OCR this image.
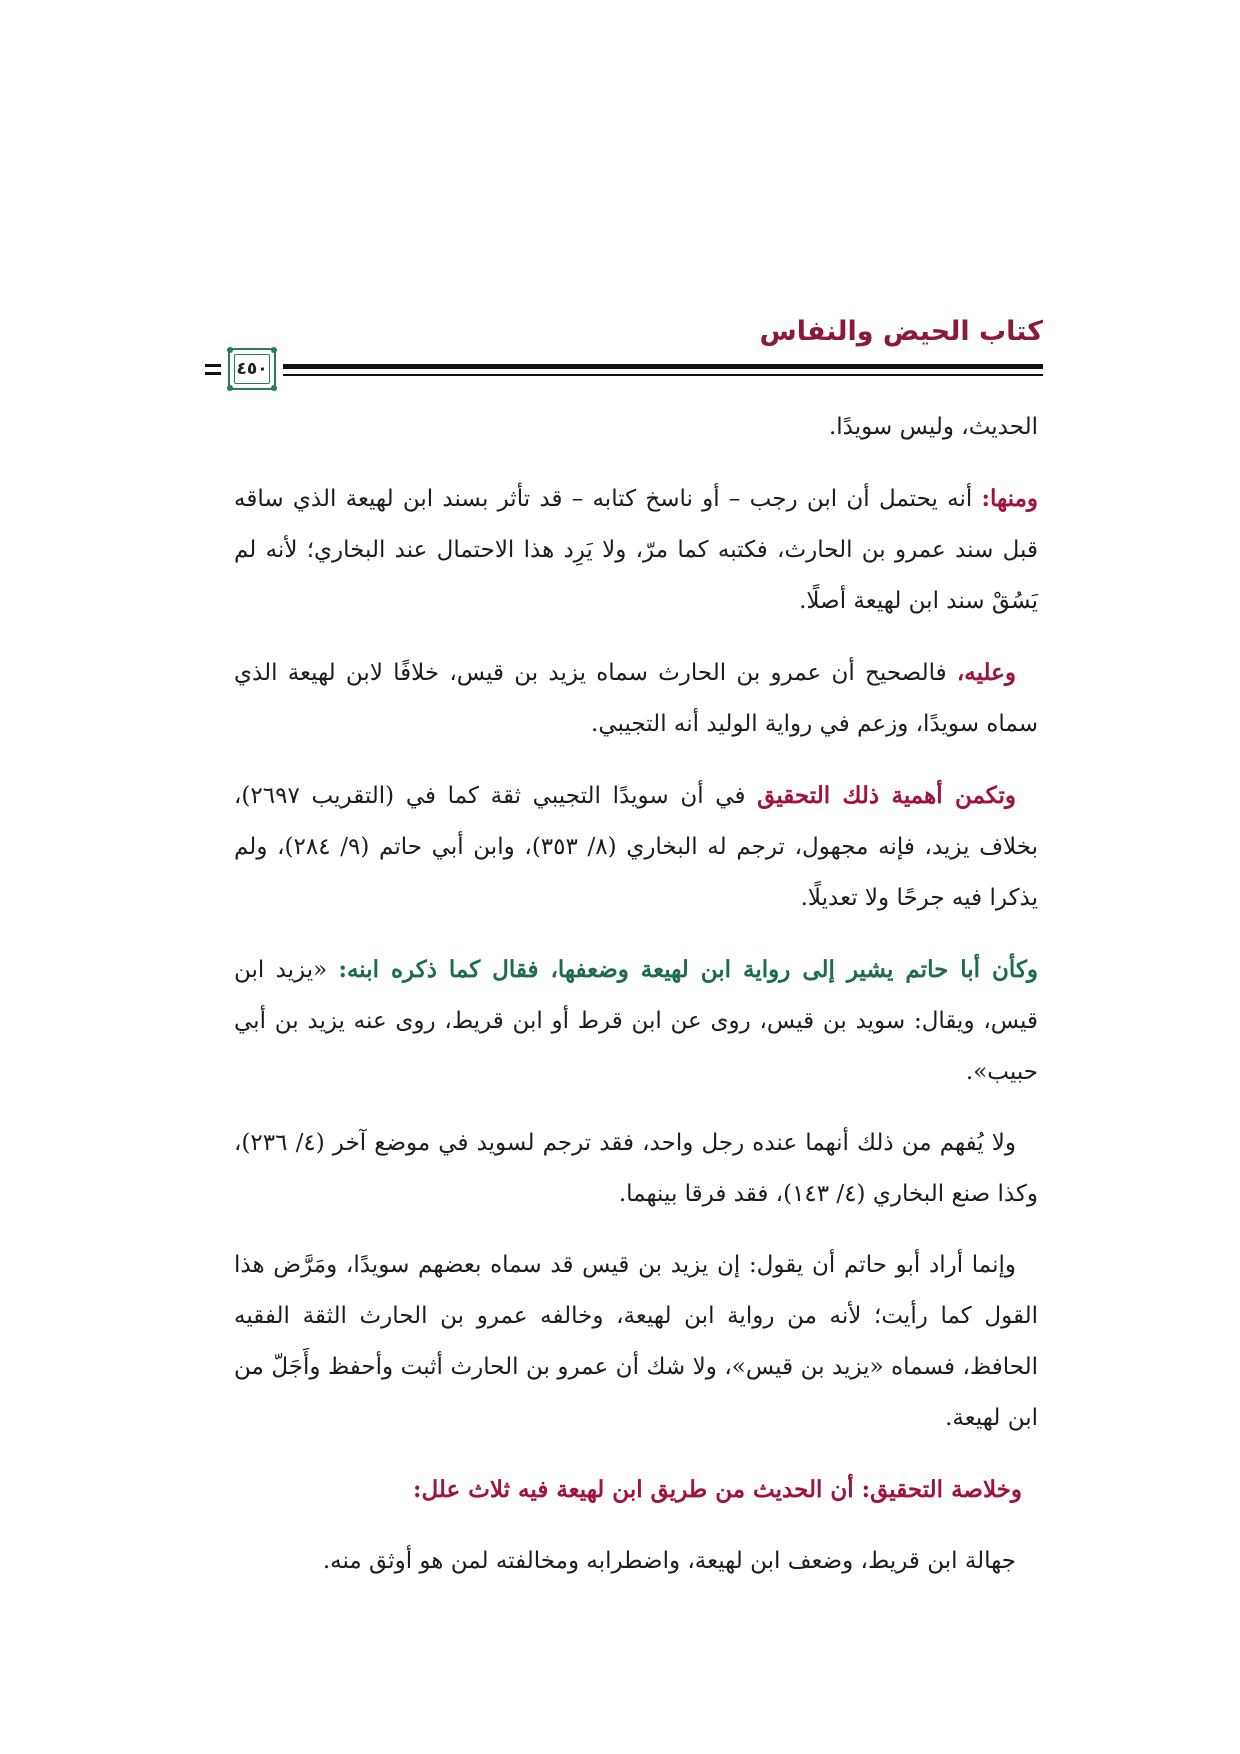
كتاب الحيض والنفاس
٤٥٠

الحديث، وليس سويدًا.

ومنها: أنه يحتمل أن ابن رجب – أو ناسخ كتابه – قد تأثر بسند ابن لهيعة الذي ساقه قبل سند عمرو بن الحارث، فكتبه كما مرّ، ولا يَرِد هذا الاحتمال عند البخاري؛ لأنه لم يَسُقْ سند ابن لهيعة أصلًا.

وعليه، فالصحيح أن عمرو بن الحارث سماه يزيد بن قيس، خلافًا لابن لهيعة الذي سماه سويدًا، وزعم في رواية الوليد أنه التجيبي.

وتكمن أهمية ذلك التحقيق في أن سويدًا التجيبي ثقة كما في (التقريب ٢٦٩٧)، بخلاف يزيد، فإنه مجهول، ترجم له البخاري (٨/ ٣٥٣)، وابن أبي حاتم (٩/ ٢٨٤)، ولم يذكرا فيه جرحًا ولا تعديلًا.

وكأن أبا حاتم يشير إلى رواية ابن لهيعة وضعفها، فقال كما ذكره ابنه: «يزيد ابن قيس، ويقال: سويد بن قيس، روى عن ابن قرط أو ابن قريط، روى عنه يزيد بن أبي حبيب».

ولا يُفهم من ذلك أنهما عنده رجل واحد، فقد ترجم لسويد في موضع آخر (٤/ ٢٣٦)، وكذا صنع البخاري (٤/ ١٤٣)، فقد فرقا بينهما.

وإنما أراد أبو حاتم أن يقول: إن يزيد بن قيس قد سماه بعضهم سويدًا، ومَرَّض هذا القول كما رأيت؛ لأنه من رواية ابن لهيعة، وخالفه عمرو بن الحارث الثقة الفقيه الحافظ، فسماه «يزيد بن قيس»، ولا شك أن عمرو بن الحارث أثبت وأحفظ وأَجَلّ من ابن لهيعة.

وخلاصة التحقيق: أن الحديث من طريق ابن لهيعة فيه ثلاث علل:

جهالة ابن قريط، وضعف ابن لهيعة، واضطرابه ومخالفته لمن هو أوثق منه.
